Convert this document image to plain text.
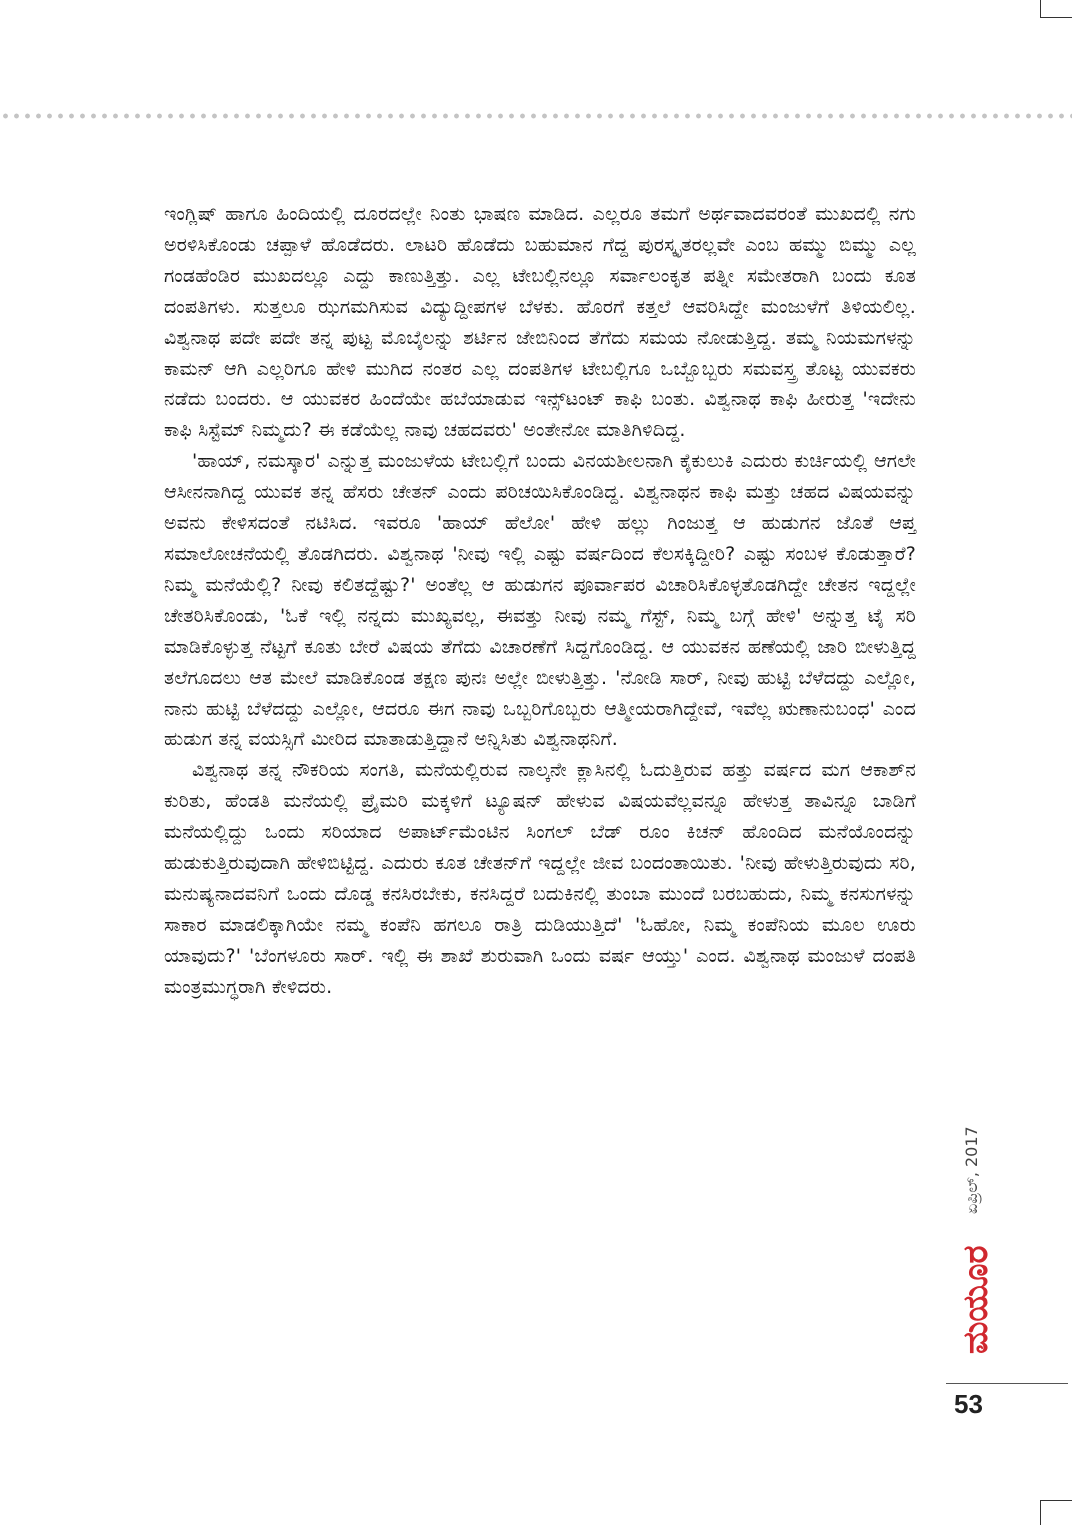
ಇಂಗ್ಲಿಷ್ ಹಾಗೂ ಹಿಂದಿಯಲ್ಲಿ ದೂರದಲ್ಲೇ ನಿಂತು ಭಾಷಣ ಮಾಡಿದ. ಎಲ್ಲರೂ ತಮಗೆ ಅರ್ಥವಾದವರಂತೆ ಮುಖದಲ್ಲಿ ನಗು ಅರಳಿಸಿಕೊಂಡು ಚಪ್ಪಾಳೆ ಹೊಡೆದರು. ಲಾಟರಿ ಹೊಡೆದು ಬಹುಮಾನ ಗೆದ್ದ ಪುರಸ್ಕೃತರಲ್ಲವೇ ಎಂಬ ಹಮ್ಮು ಬಿಮ್ಮು ಎಲ್ಲ ಗಂಡಹೆಂಡಿರ ಮುಖದಲ್ಲೂ ಎದ್ದು ಕಾಣುತ್ತಿತ್ತು. ಎಲ್ಲ ಟೇಬಲ್ಲಿನಲ್ಲೂ ಸರ್ವಾಲಂಕೃತ ಪತ್ನೀ ಸಮೇತರಾಗಿ ಬಂದು ಕೂತ ದಂಪತಿಗಳು. ಸುತ್ತಲೂ ಝಗಮಗಿಸುವ ವಿದ್ಯುದ್ದೀಪಗಳ ಬೆಳಕು. ಹೊರಗೆ ಕತ್ತಲೆ ಆವರಿಸಿದ್ದೇ ಮಂಜುಳೆಗೆ ತಿಳಿಯಲಿಲ್ಲ. ವಿಶ್ವನಾಥ ಪದೇ ಪದೇ ತನ್ನ ಪುಟ್ಟ ಮೊಬೈಲನ್ನು ಶರ್ಟಿನ ಜೇಬಿನಿಂದ ತೆಗೆದು ಸಮಯ ನೋಡುತ್ತಿದ್ದ. ತಮ್ಮ ನಿಯಮಗಳನ್ನು ಕಾಮನ್ ಆಗಿ ಎಲ್ಲರಿಗೂ ಹೇಳಿ ಮುಗಿದ ನಂತರ ಎಲ್ಲ ದಂಪತಿಗಳ ಟೇಬಲ್ಲಿಗೂ ಒಬ್ಬೊಬ್ಬರು ಸಮವಸ್ತ್ರ ತೊಟ್ಟ ಯುವಕರು ನಡೆದು ಬಂದರು. ಆ ಯುವಕರ ಹಿಂದೆಯೇ ಹಬೆಯಾಡುವ ಇನ್ಸ್‌ಟಂಟ್ ಕಾಫಿ ಬಂತು. ವಿಶ್ವನಾಥ ಕಾಫಿ ಹೀರುತ್ತ 'ಇದೇನು ಕಾಫಿ ಸಿಸ್ಟೆಮ್ ನಿಮ್ಮದು? ಈ ಕಡೆಯೆಲ್ಲ ನಾವು ಚಹದವರು' ಅಂತೇನೋ ಮಾತಿಗಿಳಿದಿದ್ದ.

'ಹಾಯ್, ನಮಸ್ಕಾರ' ಎನ್ನುತ್ತ ಮಂಜುಳೆಯ ಟೇಬಲ್ಲಿಗೆ ಬಂದು ವಿನಯಶೀಲನಾಗಿ ಕೈಕುಲುಕಿ ಎದುರು ಕುರ್ಚಿಯಲ್ಲಿ ಆಗಲೇ ಆಸೀನನಾಗಿದ್ದ ಯುವಕ ತನ್ನ ಹೆಸರು ಚೇತನ್ ಎಂದು ಪರಿಚಯಿಸಿಕೊಂಡಿದ್ದ. ವಿಶ್ವನಾಥನ ಕಾಫಿ ಮತ್ತು ಚಹದ ವಿಷಯವನ್ನು ಅವನು ಕೇಳಿಸದಂತೆ ನಟಿಸಿದ. ಇವರೂ 'ಹಾಯ್ ಹೆಲೋ' ಹೇಳಿ ಹಲ್ಲು ಗಿಂಜುತ್ತ ಆ ಹುಡುಗನ ಜೊತೆ ಆಪ್ತ ಸಮಾಲೋಚನೆಯಲ್ಲಿ ತೊಡಗಿದರು. ವಿಶ್ವನಾಥ 'ನೀವು ಇಲ್ಲಿ ಎಷ್ಟು ವರ್ಷದಿಂದ ಕೆಲಸಕ್ಕಿದ್ದೀರಿ? ಎಷ್ಟು ಸಂಬಳ ಕೊಡುತ್ತಾರೆ? ನಿಮ್ಮ ಮನೆಯೆಲ್ಲಿ? ನೀವು ಕಲಿತದ್ದೆಷ್ಟು?' ಅಂತೆಲ್ಲ ಆ ಹುಡುಗನ ಪೂರ್ವಾಪರ ವಿಚಾರಿಸಿಕೊಳ್ಳತೊಡಗಿದ್ದೇ ಚೇತನ ಇದ್ದಲ್ಲೇ ಚೇತರಿಸಿಕೊಂಡು, 'ಓಕೆ ಇಲ್ಲಿ ನನ್ನದು ಮುಖ್ಯವಲ್ಲ, ಈವತ್ತು ನೀವು ನಮ್ಮ ಗೆಸ್ಟ್, ನಿಮ್ಮ ಬಗ್ಗೆ ಹೇಳಿ' ಅನ್ನುತ್ತ ಟೈ ಸರಿ ಮಾಡಿಕೊಳ್ಳುತ್ತ ನೆಟ್ಟಗೆ ಕೂತು ಬೇರೆ ವಿಷಯ ತೆಗೆದು ವಿಚಾರಣೆಗೆ ಸಿದ್ದಗೊಂಡಿದ್ದ. ಆ ಯುವಕನ ಹಣೆಯಲ್ಲಿ ಜಾರಿ ಬೀಳುತ್ತಿದ್ದ ತಲೆಗೂದಲು ಆತ ಮೇಲೆ ಮಾಡಿಕೊಂಡ ತಕ್ಷಣ ಪುನಃ ಅಲ್ಲೇ ಬೀಳುತ್ತಿತ್ತು. 'ನೋಡಿ ಸಾರ್, ನೀವು ಹುಟ್ಟಿ ಬೆಳೆದದ್ದು ಎಲ್ಲೋ, ನಾನು ಹುಟ್ಟಿ ಬೆಳೆದದ್ದು ಎಲ್ಲೋ, ಆದರೂ ಈಗ ನಾವು ಒಬ್ಬರಿಗೊಬ್ಬರು ಆತ್ಮೀಯರಾಗಿದ್ದೇವೆ, ಇವೆಲ್ಲ ಋಣಾನುಬಂಧ' ಎಂದ ಹುಡುಗ ತನ್ನ ವಯಸ್ಸಿಗೆ ಮೀರಿದ ಮಾತಾಡುತ್ತಿದ್ದಾನೆ ಅನ್ನಿಸಿತು ವಿಶ್ವನಾಥನಿಗೆ.

ವಿಶ್ವನಾಥ ತನ್ನ ನೌಕರಿಯ ಸಂಗತಿ, ಮನೆಯಲ್ಲಿರುವ ನಾಲ್ಕನೇ ಕ್ಲಾಸಿನಲ್ಲಿ ಓದುತ್ತಿರುವ ಹತ್ತು ವರ್ಷದ ಮಗ ಆಕಾಶ್‌ನ ಕುರಿತು, ಹೆಂಡತಿ ಮನೆಯಲ್ಲಿ ಪ್ರೈಮರಿ ಮಕ್ಕಳಿಗೆ ಟ್ಯೂಷನ್ ಹೇಳುವ ವಿಷಯವೆಲ್ಲವನ್ನೂ ಹೇಳುತ್ತ ತಾವಿನ್ನೂ ಬಾಡಿಗೆ ಮನೆಯಲ್ಲಿದ್ದು ಒಂದು ಸರಿಯಾದ ಅಪಾರ್ಟ್‌ಮೆಂಟಿನ ಸಿಂಗಲ್ ಬೆಡ್ ರೂಂ ಕಿಚನ್ ಹೊಂದಿದ ಮನೆಯೊಂದನ್ನು ಹುಡುಕುತ್ತಿರುವುದಾಗಿ ಹೇಳಿಬಿಟ್ಟಿದ್ದ. ಎದುರು ಕೂತ ಚೇತನ್‌ಗೆ ಇದ್ದಲ್ಲೇ ಜೀವ ಬಂದಂತಾಯಿತು. 'ನೀವು ಹೇಳುತ್ತಿರುವುದು ಸರಿ, ಮನುಷ್ಯನಾದವನಿಗೆ ಒಂದು ದೊಡ್ಡ ಕನಸಿರಬೇಕು, ಕನಸಿದ್ದರೆ ಬದುಕಿನಲ್ಲಿ ತುಂಬಾ ಮುಂದೆ ಬರಬಹುದು, ನಿಮ್ಮ ಕನಸುಗಳನ್ನು ಸಾಕಾರ ಮಾಡಲಿಕ್ಕಾಗಿಯೇ ನಮ್ಮ ಕಂಪೆನಿ ಹಗಲೂ ರಾತ್ರಿ ದುಡಿಯುತ್ತಿದೆ' 'ಓಹೋ, ನಿಮ್ಮ ಕಂಪೆನಿಯ ಮೂಲ ಊರು ಯಾವುದು?' 'ಬೆಂಗಳೂರು ಸಾರ್. ಇಲ್ಲಿ ಈ ಶಾಖೆ ಶುರುವಾಗಿ ಒಂದು ವರ್ಷ ಆಯ್ತು' ಎಂದ. ವಿಶ್ವನಾಥ ಮಂಜುಳೆ ದಂಪತಿ ಮಂತ್ರಮುಗ್ಧರಾಗಿ ಕೇಳಿದರು.

ಏಪ್ರಿಲ್, 2017
ಮಯೂರ
53
